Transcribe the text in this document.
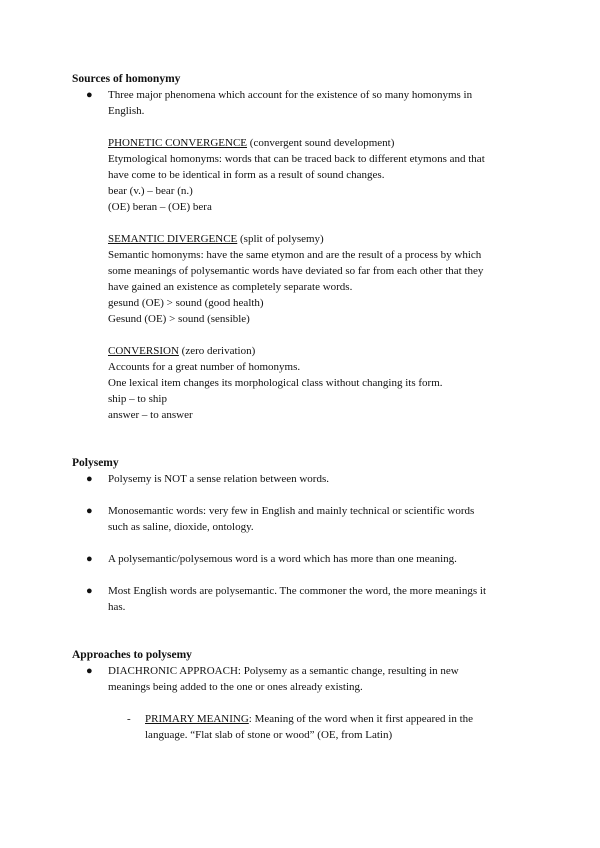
Sources of homonymy
● Three major phenomena which account for the existence of so many homonyms in
English.
PHONETIC CONVERGENCE (convergent sound development)
Etymological homonyms: words that can be traced back to different etymons and that
have come to be identical in form as a result of sound changes.
bear (v.) – bear (n.)
(OE) beran – (OE) bera
SEMANTIC DIVERGENCE (split of polysemy)
Semantic homonyms: have the same etymon and are the result of a process by which
some meanings of polysemantic words have deviated so far from each other that they
have gained an existence as completely separate words.
gesund (OE) > sound (good health)
Gesund (OE) > sound (sensible)
CONVERSION (zero derivation)
Accounts for a great number of homonyms.
One lexical item changes its morphological class without changing its form.
ship – to ship
answer – to answer
Polysemy
● Polysemy is NOT a sense relation between words.
● Monosemantic words: very few in English and mainly technical or scientific words
such as saline, dioxide, ontology.
● A polysemantic/polysemous word is a word which has more than one meaning.
● Most English words are polysemantic. The commoner the word, the more meanings it
has.
Approaches to polysemy
● DIACHRONIC APPROACH: Polysemy as a semantic change, resulting in new
meanings being added to the one or ones already existing.
- PRIMARY MEANING: Meaning of the word when it first appeared in the
language. “Flat slab of stone or wood” (OE, from Latin)
